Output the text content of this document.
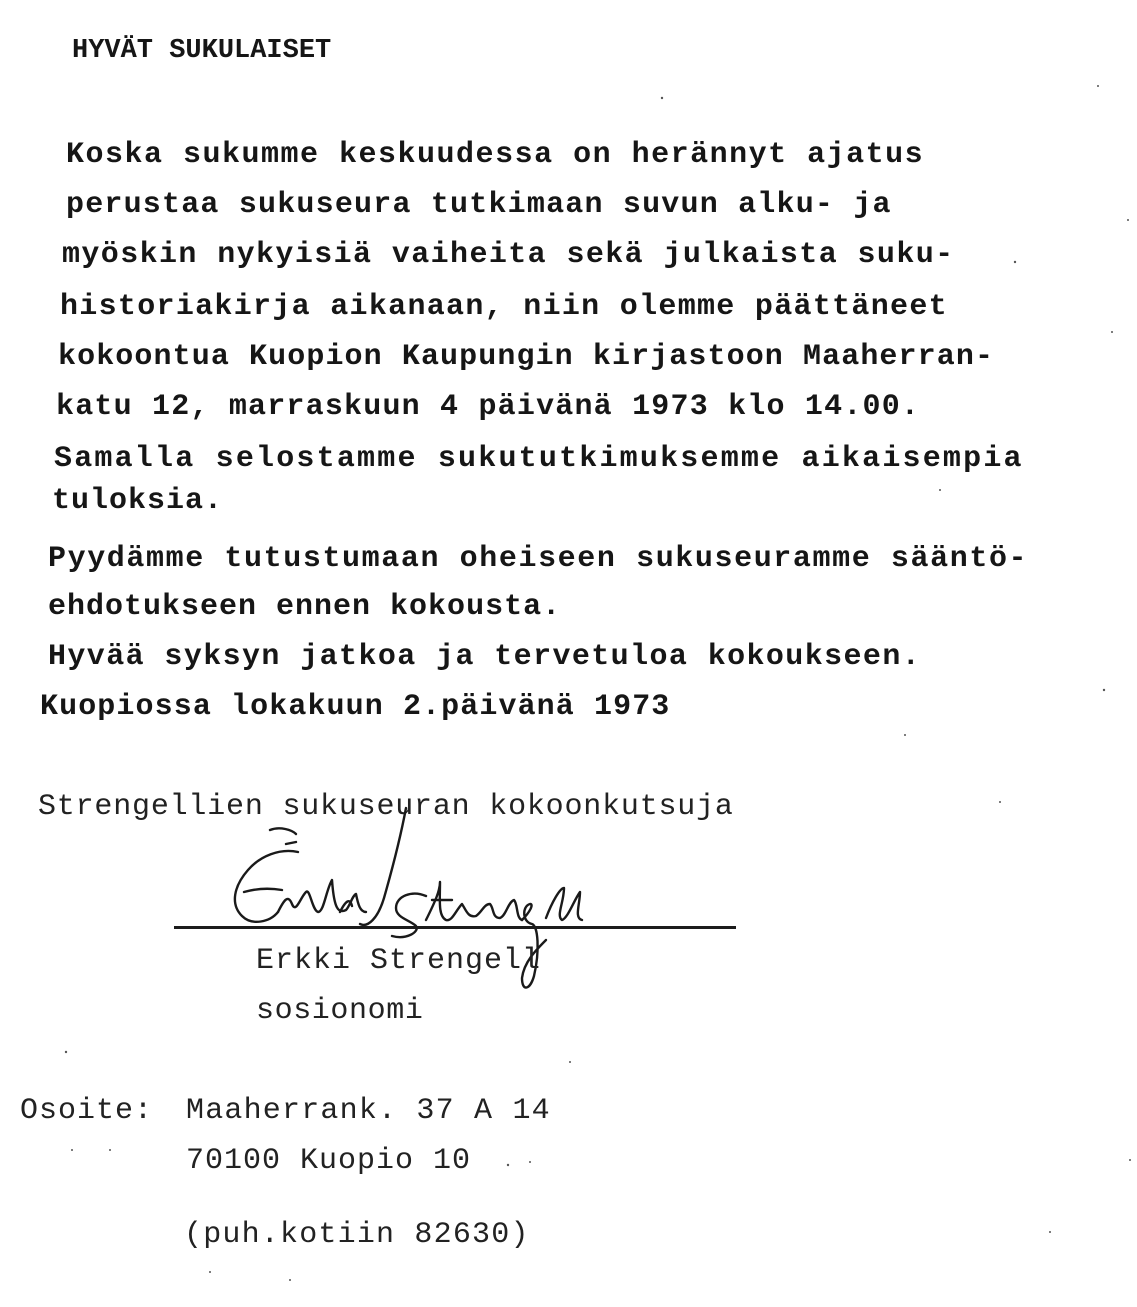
HYVÄT SUKULAISET
Koska sukumme keskuudessa on herännyt ajatus
perustaa sukuseura tutkimaan suvun alku- ja
myöskin nykyisiä vaiheita sekä julkaista suku-
historiakirja aikanaan, niin olemme päättäneet
kokoontua Kuopion Kaupungin kirjastoon Maaherran-
katu 12, marraskuun 4 päivänä 1973 klo 14.00.
Samalla selostamme sukututkimuksemme aikaisempia
tuloksia.
Pyydämme tutustumaan oheiseen sukuseuramme sääntö-
ehdotukseen ennen kokousta.
Hyvää syksyn jatkoa ja tervetuloa kokoukseen.
Kuopiossa lokakuun 2.päivänä 1973
Strengellien sukuseuran kokoonkutsuja
Erkki Strengell
sosionomi
Osoite: Maaherrank. 37 A 14
70100 Kuopio 10
(puh.kotiin 82630)
